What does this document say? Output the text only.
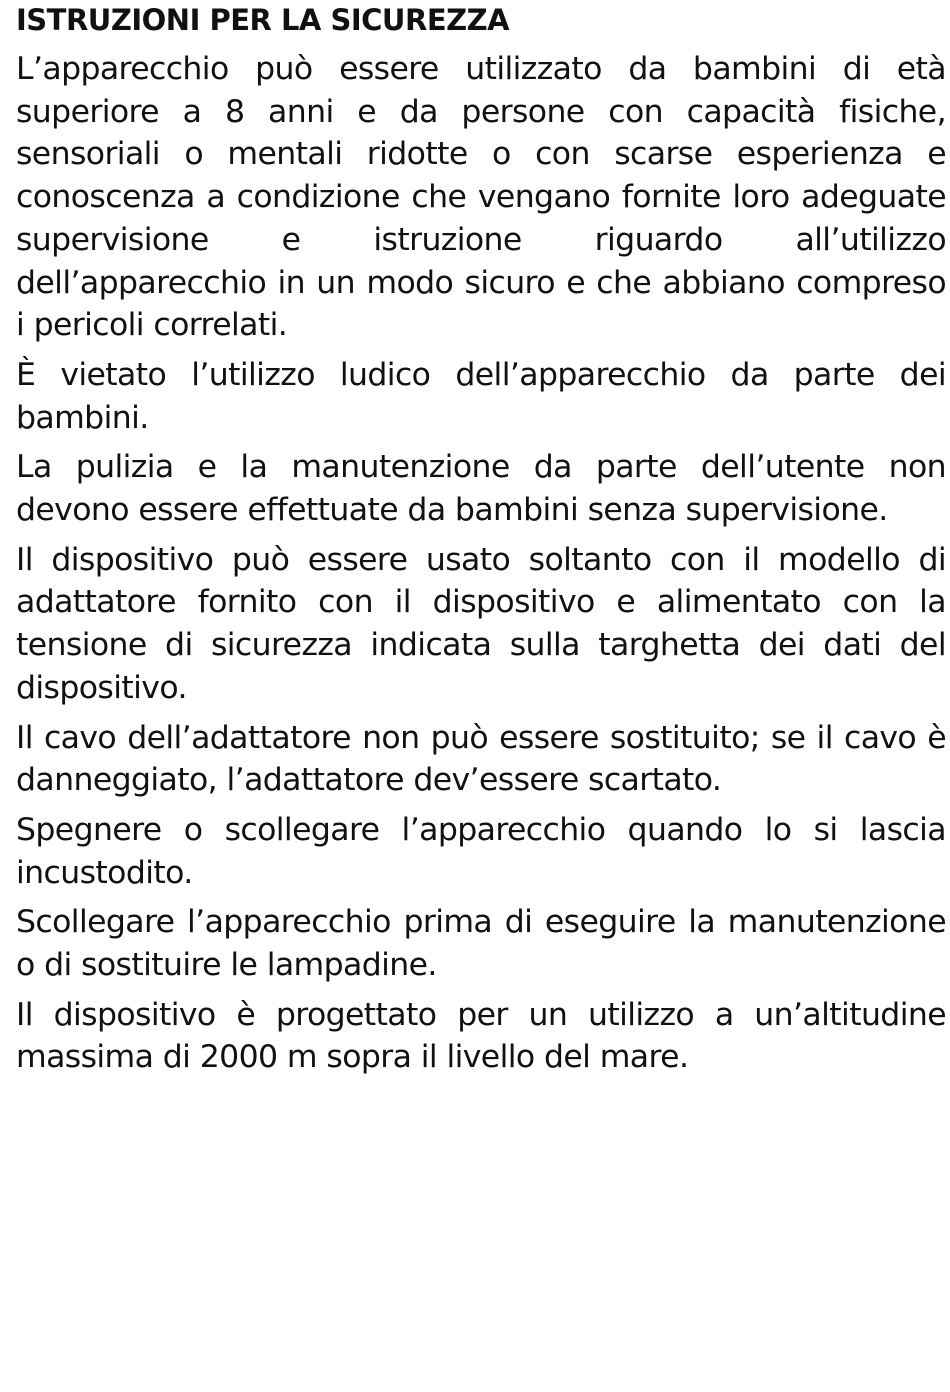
ISTRUZIONI PER LA SICUREZZA

L’apparecchio può essere utilizzato da bambini di età superiore a 8 anni e da persone con capacità fisiche, sensoriali o mentali ridotte o con scarse esperienza e conoscenza a condizione che vengano fornite loro adeguate supervisione e istruzione riguardo all’utilizzo dell’apparecchio in un modo sicuro e che abbiano compreso i pericoli correlati.

È vietato l’utilizzo ludico dell’apparecchio da parte dei bambini.

La pulizia e la manutenzione da parte dell’utente non devono essere effettuate da bambini senza supervisione.

Il dispositivo può essere usato soltanto con il modello di adattatore fornito con il dispositivo e alimentato con la tensione di sicurezza indicata sulla targhetta dei dati del dispositivo.

Il cavo dell’adattatore non può essere sostituito; se il cavo è danneggiato, l’adattatore dev’essere scartato.

Spegnere o scollegare l’apparecchio quando lo si lascia incustodito.

Scollegare l’apparecchio prima di eseguire la manutenzione o di sostituire le lampadine.

Il dispositivo è progettato per un utilizzo a un’altitudine massima di 2000 m sopra il livello del mare.
